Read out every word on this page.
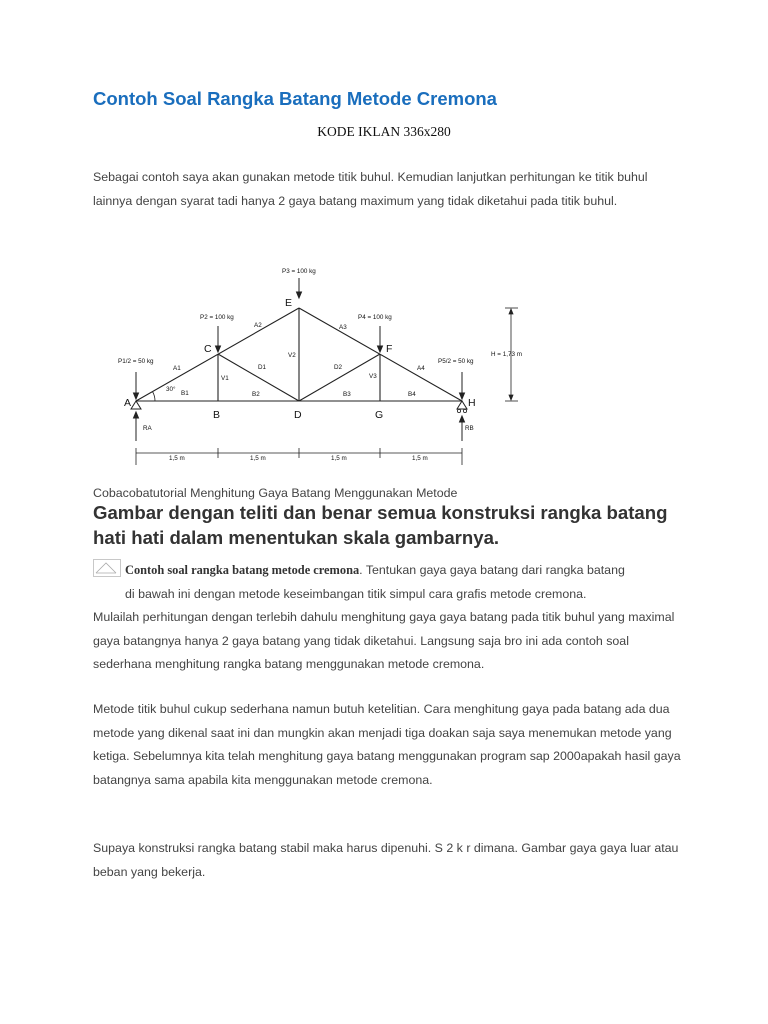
Contoh Soal Rangka Batang Metode Cremona
KODE IKLAN 336x280

Sebagai contoh saya akan gunakan metode titik buhul. Kemudian lanjutkan perhitungan ke titik buhul lainnya dengan syarat tadi hanya 2 gaya batang maximum yang tidak diketahui pada titik buhul.

A
B
C
D
E
F
G
H
A1
A2	A3
A4
B1	B2	B3	B4
V1
V2
V3
D1	D2
P1/2 = 50 kg
P2 = 100 kg
P3 = 100 kg
P4 = 100 kg
P5/2 = 50 kg
H = 1,73 m
30°
RA	RB
1,5 m	1,5 m	1,5 m	1,5 m
Cobacobatutorial Menghitung Gaya Batang Menggunakan Metode
Gambar dengan teliti dan benar semua konstruksi rangka batang hati hati dalam menentukan skala gambarnya.
Contoh soal rangka batang metode cremona. Tentukan gaya gaya batang dari rangka batang
di bawah ini dengan metode keseimbangan titik simpul cara grafis metode cremona.
Mulailah perhitungan dengan terlebih dahulu menghitung gaya gaya batang pada titik buhul yang maximal gaya batangnya hanya 2 gaya batang yang tidak diketahui. Langsung saja bro ini ada contoh soal sederhana menghitung rangka batang menggunakan metode cremona.

Metode titik buhul cukup sederhana namun butuh ketelitian. Cara menghitung gaya pada batang ada dua metode yang dikenal saat ini dan mungkin akan menjadi tiga doakan saja saya menemukan metode yang ketiga. Sebelumnya kita telah menghitung gaya batang menggunakan program sap 2000apakah hasil gaya batangnya sama apabila kita menggunakan metode cremona.

Supaya konstruksi rangka batang stabil maka harus dipenuhi. S 2 k r dimana. Gambar gaya gaya luar atau beban yang bekerja.
